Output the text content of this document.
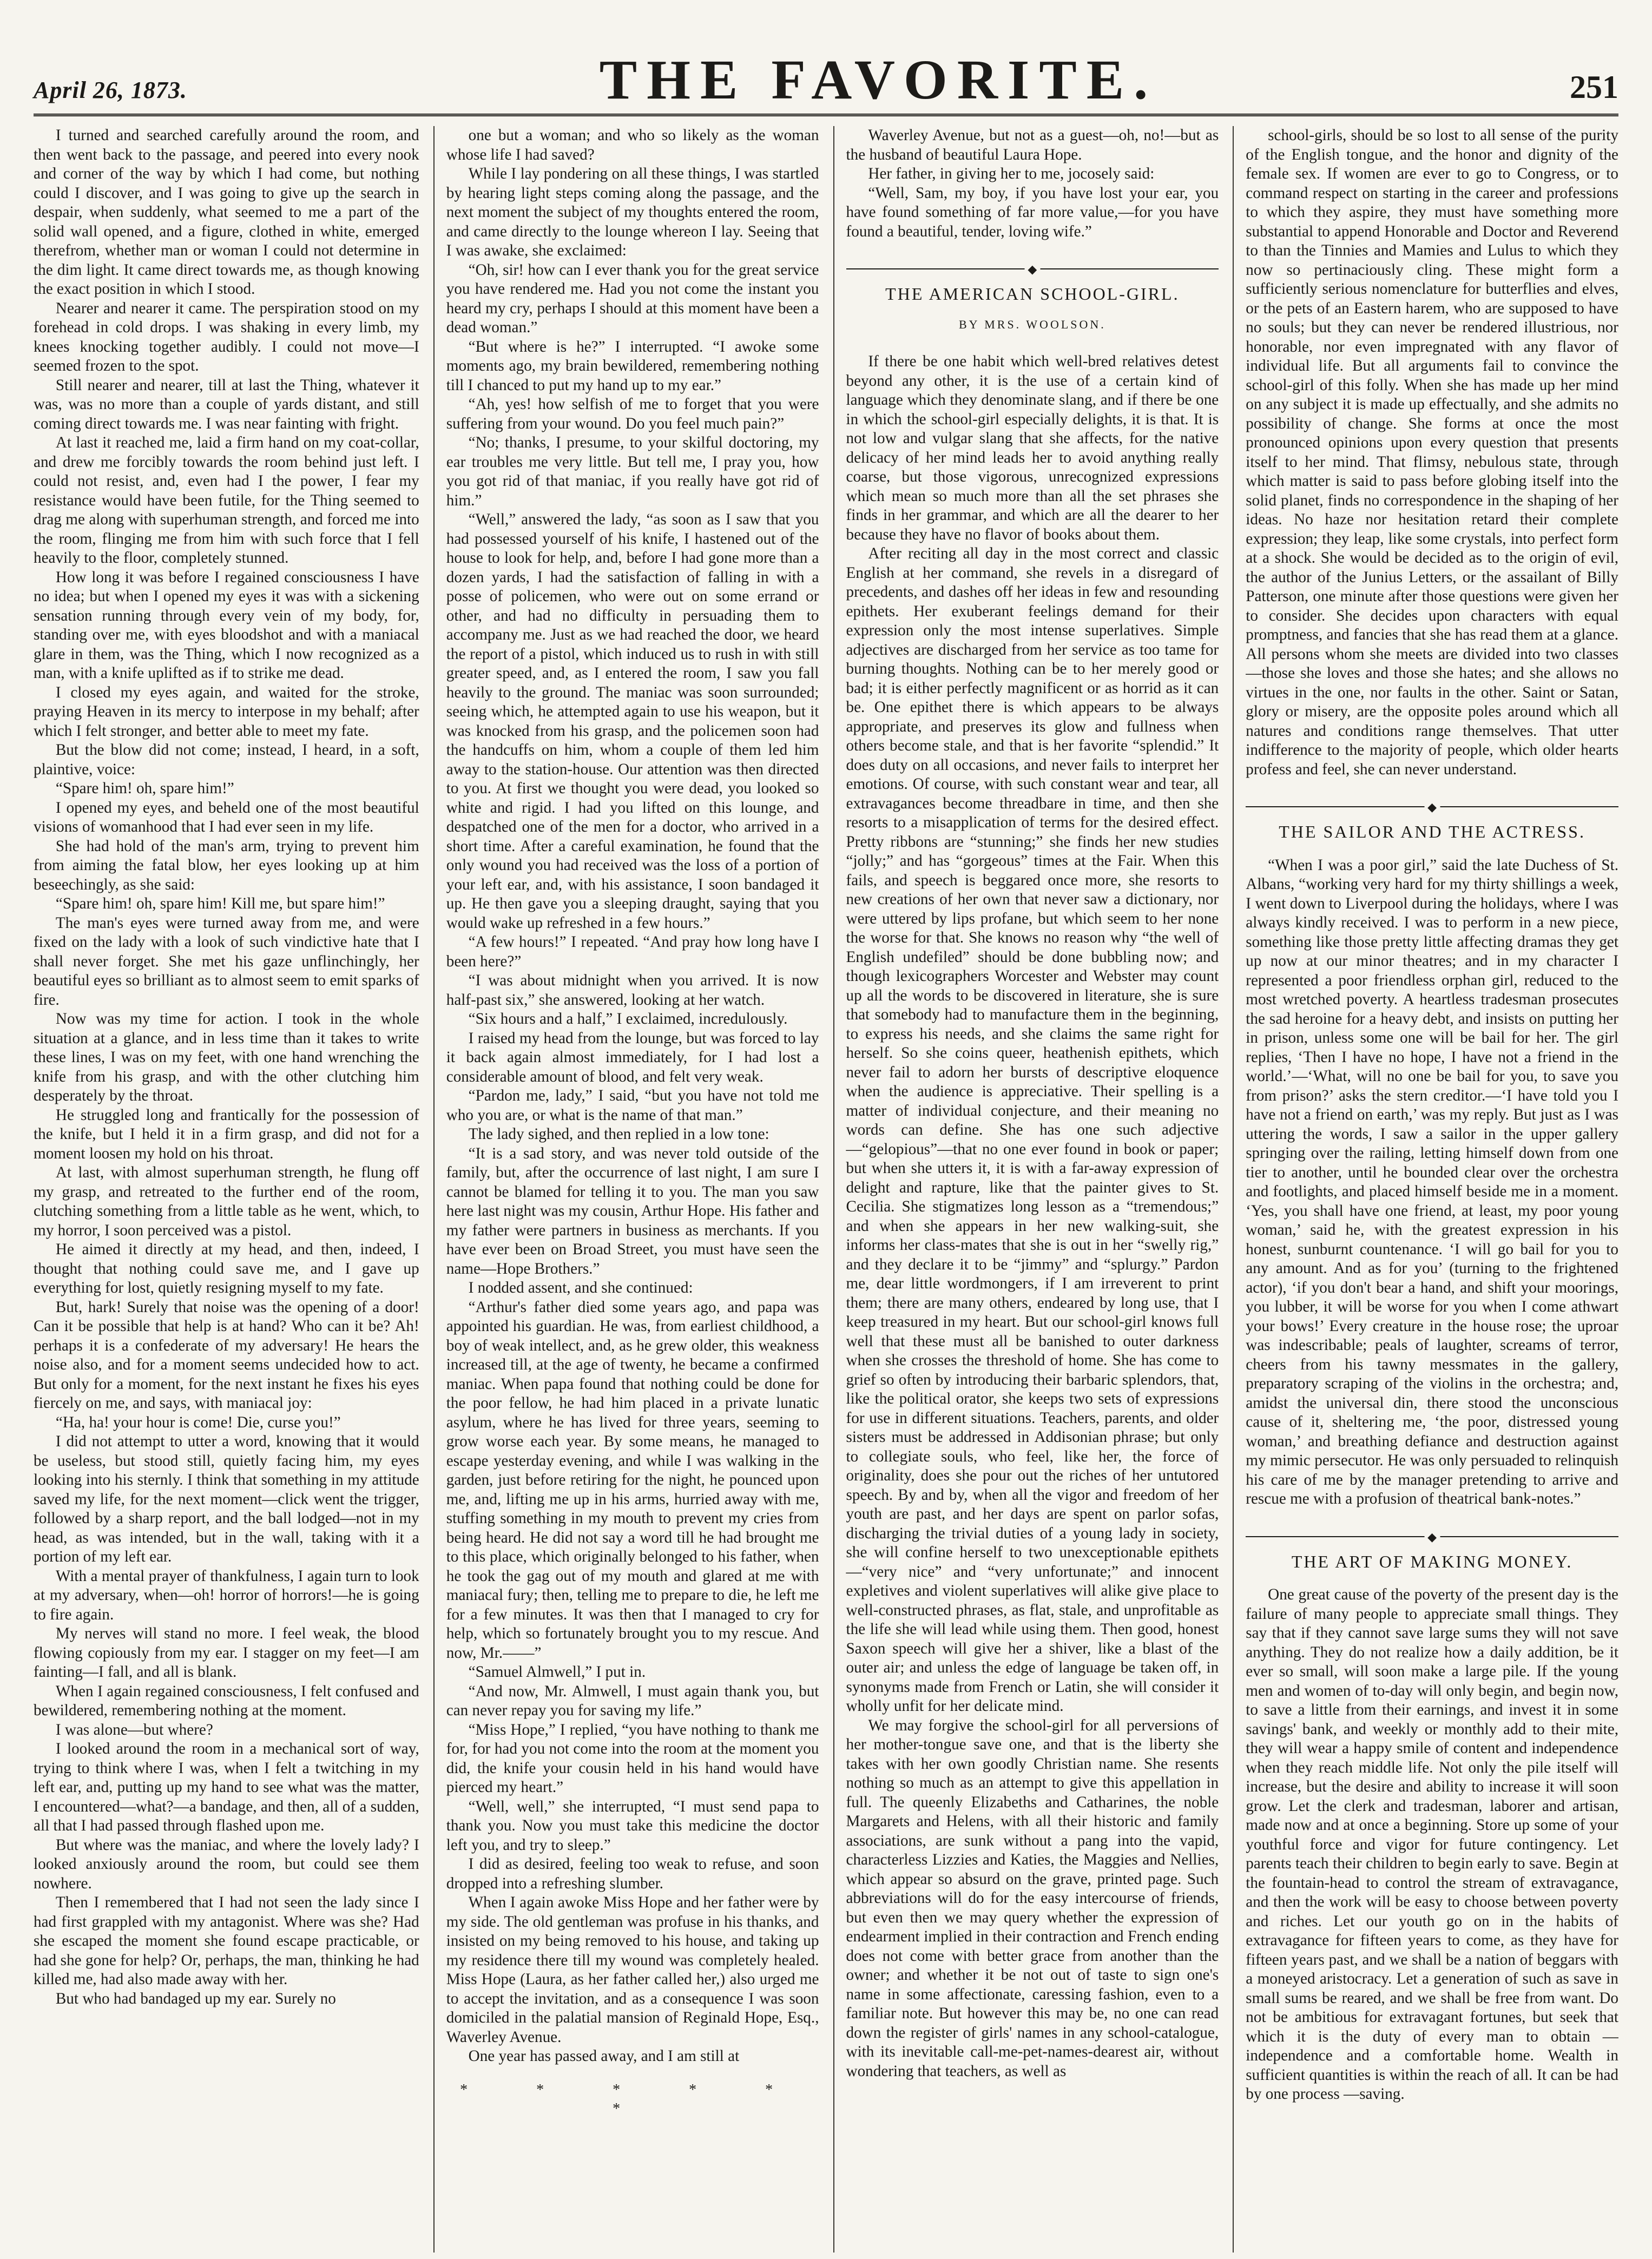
April 26, 1873.	THE FAVORITE.	251

I turned and searched carefully around the room, and then went back to the passage, and peered into every nook and corner of the way by which I had come, but nothing could I discover, and I was going to give up the search in despair, when suddenly, what seemed to me a part of the solid wall opened, and a figure, clothed in white, emerged therefrom, whether man or woman I could not determine in the dim light. It came direct towards me, as though knowing the exact position in which I stood.

Nearer and nearer it came. The perspiration stood on my forehead in cold drops. I was shaking in every limb, my knees knocking together audibly. I could not move—I seemed frozen to the spot.

Still nearer and nearer, till at last the Thing, whatever it was, was no more than a couple of yards distant, and still coming direct towards me. I was near fainting with fright.

At last it reached me, laid a firm hand on my coat-collar, and drew me forcibly towards the room behind just left. I could not resist, and, even had I the power, I fear my resistance would have been futile, for the Thing seemed to drag me along with superhuman strength, and forced me into the room, flinging me from him with such force that I fell heavily to the floor, completely stunned.

How long it was before I regained consciousness I have no idea; but when I opened my eyes it was with a sickening sensation running through every vein of my body, for, standing over me, with eyes bloodshot and with a maniacal glare in them, was the Thing, which I now recognized as a man, with a knife uplifted as if to strike me dead.

I closed my eyes again, and waited for the stroke, praying Heaven in its mercy to interpose in my behalf; after which I felt stronger, and better able to meet my fate.

But the blow did not come; instead, I heard, in a soft, plaintive, voice:

“Spare him! oh, spare him!”

I opened my eyes, and beheld one of the most beautiful visions of womanhood that I had ever seen in my life.

She had hold of the man's arm, trying to prevent him from aiming the fatal blow, her eyes looking up at him beseechingly, as she said:

“Spare him! oh, spare him! Kill me, but spare him!”

The man's eyes were turned away from me, and were fixed on the lady with a look of such vindictive hate that I shall never forget. She met his gaze unflinchingly, her beautiful eyes so brilliant as to almost seem to emit sparks of fire.

Now was my time for action. I took in the whole situation at a glance, and in less time than it takes to write these lines, I was on my feet, with one hand wrenching the knife from his grasp, and with the other clutching him desperately by the throat.

He struggled long and frantically for the possession of the knife, but I held it in a firm grasp, and did not for a moment loosen my hold on his throat.

At last, with almost superhuman strength, he flung off my grasp, and retreated to the further end of the room, clutching something from a little table as he went, which, to my horror, I soon perceived was a pistol.

He aimed it directly at my head, and then, indeed, I thought that nothing could save me, and I gave up everything for lost, quietly resigning myself to my fate.

But, hark! Surely that noise was the opening of a door! Can it be possible that help is at hand? Who can it be? Ah! perhaps it is a confederate of my adversary! He hears the noise also, and for a moment seems undecided how to act. But only for a moment, for the next instant he fixes his eyes fiercely on me, and says, with maniacal joy:

“Ha, ha! your hour is come! Die, curse you!”

I did not attempt to utter a word, knowing that it would be useless, but stood still, quietly facing him, my eyes looking into his sternly. I think that something in my attitude saved my life, for the next moment—click went the trigger, followed by a sharp report, and the ball lodged—not in my head, as was intended, but in the wall, taking with it a portion of my left ear.

With a mental prayer of thankfulness, I again turn to look at my adversary, when—oh! horror of horrors!—he is going to fire again.

My nerves will stand no more. I feel weak, the blood flowing copiously from my ear. I stagger on my feet—I am fainting—I fall, and all is blank.

When I again regained consciousness, I felt confused and bewildered, remembering nothing at the moment.

I was alone—but where?

I looked around the room in a mechanical sort of way, trying to think where I was, when I felt a twitching in my left ear, and, putting up my hand to see what was the matter, I encountered—what?—a bandage, and then, all of a sudden, all that I had passed through flashed upon me.

But where was the maniac, and where the lovely lady? I looked anxiously around the room, but could see them nowhere.

Then I remembered that I had not seen the lady since I had first grappled with my antagonist. Where was she? Had she escaped the moment she found escape practicable, or had she gone for help? Or, perhaps, the man, thinking he had killed me, had also made away with her.

But who had bandaged up my ear. Surely no

one but a woman; and who so likely as the woman whose life I had saved?

While I lay pondering on all these things, I was startled by hearing light steps coming along the passage, and the next moment the subject of my thoughts entered the room, and came directly to the lounge whereon I lay. Seeing that I was awake, she exclaimed:

“Oh, sir! how can I ever thank you for the great service you have rendered me. Had you not come the instant you heard my cry, perhaps I should at this moment have been a dead woman.”

“But where is he?” I interrupted. “I awoke some moments ago, my brain bewildered, remembering nothing till I chanced to put my hand up to my ear.”

“Ah, yes! how selfish of me to forget that you were suffering from your wound. Do you feel much pain?”

“No; thanks, I presume, to your skilful doctoring, my ear troubles me very little. But tell me, I pray you, how you got rid of that maniac, if you really have got rid of him.”

“Well,” answered the lady, “as soon as I saw that you had possessed yourself of his knife, I hastened out of the house to look for help, and, before I had gone more than a dozen yards, I had the satisfaction of falling in with a posse of policemen, who were out on some errand or other, and had no difficulty in persuading them to accompany me. Just as we had reached the door, we heard the report of a pistol, which induced us to rush in with still greater speed, and, as I entered the room, I saw you fall heavily to the ground. The maniac was soon surrounded; seeing which, he attempted again to use his weapon, but it was knocked from his grasp, and the policemen soon had the handcuffs on him, whom a couple of them led him away to the station-house. Our attention was then directed to you. At first we thought you were dead, you looked so white and rigid. I had you lifted on this lounge, and despatched one of the men for a doctor, who arrived in a short time. After a careful examination, he found that the only wound you had received was the loss of a portion of your left ear, and, with his assistance, I soon bandaged it up. He then gave you a sleeping draught, saying that you would wake up refreshed in a few hours.”

“A few hours!” I repeated. “And pray how long have I been here?”

“I was about midnight when you arrived. It is now half-past six,” she answered, looking at her watch.

“Six hours and a half,” I exclaimed, incredulously.

I raised my head from the lounge, but was forced to lay it back again almost immediately, for I had lost a considerable amount of blood, and felt very weak.

“Pardon me, lady,” I said, “but you have not told me who you are, or what is the name of that man.”

The lady sighed, and then replied in a low tone:

“It is a sad story, and was never told outside of the family, but, after the occurrence of last night, I am sure I cannot be blamed for telling it to you. The man you saw here last night was my cousin, Arthur Hope. His father and my father were partners in business as merchants. If you have ever been on Broad Street, you must have seen the name—Hope Brothers.”

I nodded assent, and she continued:

“Arthur's father died some years ago, and papa was appointed his guardian. He was, from earliest childhood, a boy of weak intellect, and, as he grew older, this weakness increased till, at the age of twenty, he became a confirmed maniac. When papa found that nothing could be done for the poor fellow, he had him placed in a private lunatic asylum, where he has lived for three years, seeming to grow worse each year. By some means, he managed to escape yesterday evening, and while I was walking in the garden, just before retiring for the night, he pounced upon me, and, lifting me up in his arms, hurried away with me, stuffing something in my mouth to prevent my cries from being heard. He did not say a word till he had brought me to this place, which originally belonged to his father, when he took the gag out of my mouth and glared at me with maniacal fury; then, telling me to prepare to die, he left me for a few minutes. It was then that I managed to cry for help, which so fortunately brought you to my rescue. And now, Mr.——”

“Samuel Almwell,” I put in.

“And now, Mr. Almwell, I must again thank you, but can never repay you for saving my life.”

“Miss Hope,” I replied, “you have nothing to thank me for, for had you not come into the room at the moment you did, the knife your cousin held in his hand would have pierced my heart.”

“Well, well,” she interrupted, “I must send papa to thank you. Now you must take this medicine the doctor left you, and try to sleep.”

I did as desired, feeling too weak to refuse, and soon dropped into a refreshing slumber.

When I again awoke Miss Hope and her father were by my side. The old gentleman was profuse in his thanks, and insisted on my being removed to his house, and taking up my residence there till my wound was completely healed. Miss Hope (Laura, as her father called her,) also urged me to accept the invitation, and as a consequence I was soon domiciled in the palatial mansion of Reginald Hope, Esq., Waverley Avenue.

One year has passed away, and I am still at

* * * * * *

Waverley Avenue, but not as a guest—oh, no!—but as the husband of beautiful Laura Hope.

Her father, in giving her to me, jocosely said:

“Well, Sam, my boy, if you have lost your ear, you have found something of far more value,—for you have found a beautiful, tender, loving wife.”

◆
THE AMERICAN SCHOOL-GIRL.
BY MRS. WOOLSON.

If there be one habit which well-bred relatives detest beyond any other, it is the use of a certain kind of language which they denominate slang, and if there be one in which the school-girl especially delights, it is that. It is not low and vulgar slang that she affects, for the native delicacy of her mind leads her to avoid anything really coarse, but those vigorous, unrecognized expressions which mean so much more than all the set phrases she finds in her grammar, and which are all the dearer to her because they have no flavor of books about them.

After reciting all day in the most correct and classic English at her command, she revels in a disregard of precedents, and dashes off her ideas in few and resounding epithets. Her exuberant feelings demand for their expression only the most intense superlatives. Simple adjectives are discharged from her service as too tame for burning thoughts. Nothing can be to her merely good or bad; it is either perfectly magnificent or as horrid as it can be. One epithet there is which appears to be always appropriate, and preserves its glow and fullness when others become stale, and that is her favorite “splendid.” It does duty on all occasions, and never fails to interpret her emotions. Of course, with such constant wear and tear, all extravagances become threadbare in time, and then she resorts to a misapplication of terms for the desired effect. Pretty ribbons are “stunning;” she finds her new studies “jolly;” and has “gorgeous” times at the Fair. When this fails, and speech is beggared once more, she resorts to new creations of her own that never saw a dictionary, nor were uttered by lips profane, but which seem to her none the worse for that. She knows no reason why “the well of English undefiled” should be done bubbling now; and though lexicographers Worcester and Webster may count up all the words to be discovered in literature, she is sure that somebody had to manufacture them in the beginning, to express his needs, and she claims the same right for herself. So she coins queer, heathenish epithets, which never fail to adorn her bursts of descriptive eloquence when the audience is appreciative. Their spelling is a matter of individual conjecture, and their meaning no words can define. She has one such adjective —“gelopious”—that no one ever found in book or paper; but when she utters it, it is with a far-away expression of delight and rapture, like that the painter gives to St. Cecilia. She stigmatizes long lesson as a “tremendous;” and when she appears in her new walking-suit, she informs her class-mates that she is out in her “swelly rig,” and they declare it to be “jimmy” and “splurgy.” Pardon me, dear little wordmongers, if I am irreverent to print them; there are many others, endeared by long use, that I keep treasured in my heart. But our school-girl knows full well that these must all be banished to outer darkness when she crosses the threshold of home. She has come to grief so often by introducing their barbaric splendors, that, like the political orator, she keeps two sets of expressions for use in different situations. Teachers, parents, and older sisters must be addressed in Addisonian phrase; but only to collegiate souls, who feel, like her, the force of originality, does she pour out the riches of her untutored speech. By and by, when all the vigor and freedom of her youth are past, and her days are spent on parlor sofas, discharging the trivial duties of a young lady in society, she will confine herself to two unexceptionable epithets—“very nice” and “very unfortunate;” and innocent expletives and violent superlatives will alike give place to well-constructed phrases, as flat, stale, and unprofitable as the life she will lead while using them. Then good, honest Saxon speech will give her a shiver, like a blast of the outer air; and unless the edge of language be taken off, in synonyms made from French or Latin, she will consider it wholly unfit for her delicate mind.

We may forgive the school-girl for all perversions of her mother-tongue save one, and that is the liberty she takes with her own goodly Christian name. She resents nothing so much as an attempt to give this appellation in full. The queenly Elizabeths and Catharines, the noble Margarets and Helens, with all their historic and family associations, are sunk without a pang into the vapid, characterless Lizzies and Katies, the Maggies and Nellies, which appear so absurd on the grave, printed page. Such abbreviations will do for the easy intercourse of friends, but even then we may query whether the expression of endearment implied in their contraction and French ending does not come with better grace from another than the owner; and whether it be not out of taste to sign one's name in some affectionate, caressing fashion, even to a familiar note. But however this may be, no one can read down the register of girls' names in any school-catalogue, with its inevitable call-me-pet-names-dearest air, without wondering that teachers, as well as

school-girls, should be so lost to all sense of the purity of the English tongue, and the honor and dignity of the female sex. If women are ever to go to Congress, or to command respect on starting in the career and professions to which they aspire, they must have something more substantial to append Honorable and Doctor and Reverend to than the Tinnies and Mamies and Lulus to which they now so pertinaciously cling. These might form a sufficiently serious nomenclature for butterflies and elves, or the pets of an Eastern harem, who are supposed to have no souls; but they can never be rendered illustrious, nor honorable, nor even impregnated with any flavor of individual life. But all arguments fail to convince the school-girl of this folly. When she has made up her mind on any subject it is made up effectually, and she admits no possibility of change. She forms at once the most pronounced opinions upon every question that presents itself to her mind. That flimsy, nebulous state, through which matter is said to pass before globing itself into the solid planet, finds no correspondence in the shaping of her ideas. No haze nor hesitation retard their complete expression; they leap, like some crystals, into perfect form at a shock. She would be decided as to the origin of evil, the author of the Junius Letters, or the assailant of Billy Patterson, one minute after those questions were given her to consider. She decides upon characters with equal promptness, and fancies that she has read them at a glance. All persons whom she meets are divided into two classes—those she loves and those she hates; and she allows no virtues in the one, nor faults in the other. Saint or Satan, glory or misery, are the opposite poles around which all natures and conditions range themselves. That utter indifference to the majority of people, which older hearts profess and feel, she can never understand.

◆
THE SAILOR AND THE ACTRESS.

“When I was a poor girl,” said the late Duchess of St. Albans, “working very hard for my thirty shillings a week, I went down to Liverpool during the holidays, where I was always kindly received. I was to perform in a new piece, something like those pretty little affecting dramas they get up now at our minor theatres; and in my character I represented a poor friendless orphan girl, reduced to the most wretched poverty. A heartless tradesman prosecutes the sad heroine for a heavy debt, and insists on putting her in prison, unless some one will be bail for her. The girl replies, ‘Then I have no hope, I have not a friend in the world.’—‘What, will no one be bail for you, to save you from prison?’ asks the stern creditor.—‘I have told you I have not a friend on earth,’ was my reply. But just as I was uttering the words, I saw a sailor in the upper gallery springing over the railing, letting himself down from one tier to another, until he bounded clear over the orchestra and footlights, and placed himself beside me in a moment. ‘Yes, you shall have one friend, at least, my poor young woman,’ said he, with the greatest expression in his honest, sunburnt countenance. ‘I will go bail for you to any amount. And as for you’ (turning to the frightened actor), ‘if you don't bear a hand, and shift your moorings, you lubber, it will be worse for you when I come athwart your bows!’ Every creature in the house rose; the uproar was indescribable; peals of laughter, screams of terror, cheers from his tawny messmates in the gallery, preparatory scraping of the violins in the orchestra; and, amidst the universal din, there stood the unconscious cause of it, sheltering me, ‘the poor, distressed young woman,’ and breathing defiance and destruction against my mimic persecutor. He was only persuaded to relinquish his care of me by the manager pretending to arrive and rescue me with a profusion of theatrical bank-notes.”

◆
THE ART OF MAKING MONEY.

One great cause of the poverty of the present day is the failure of many people to appreciate small things. They say that if they cannot save large sums they will not save anything. They do not realize how a daily addition, be it ever so small, will soon make a large pile. If the young men and women of to-day will only begin, and begin now, to save a little from their earnings, and invest it in some savings' bank, and weekly or monthly add to their mite, they will wear a happy smile of content and independence when they reach middle life. Not only the pile itself will increase, but the desire and ability to increase it will soon grow. Let the clerk and tradesman, laborer and artisan, made now and at once a beginning. Store up some of your youthful force and vigor for future contingency. Let parents teach their children to begin early to save. Begin at the fountain-head to control the stream of extravagance, and then the work will be easy to choose between poverty and riches. Let our youth go on in the habits of extravagance for fifteen years to come, as they have for fifteen years past, and we shall be a nation of beggars with a moneyed aristocracy. Let a generation of such as save in small sums be reared, and we shall be free from want. Do not be ambitious for extravagant fortunes, but seek that which it is the duty of every man to obtain — independence and a comfortable home. Wealth in sufficient quantities is within the reach of all. It can be had by one process —saving.
